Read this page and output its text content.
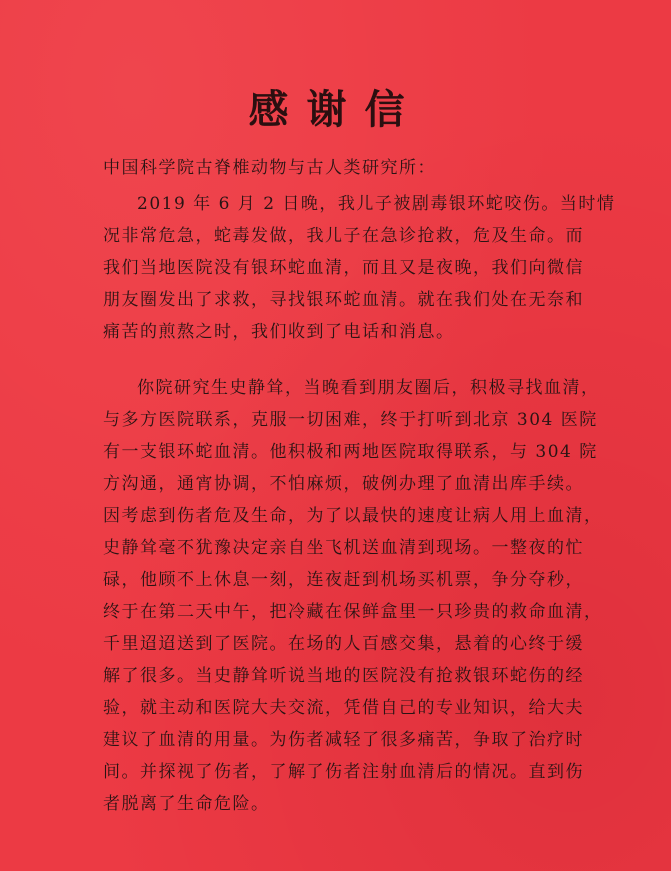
感谢信
中国科学院古脊椎动物与古人类研究所：
2019 年 6 月 2 日晚，我儿子被剧毒银环蛇咬伤。当时情
况非常危急，蛇毒发做，我儿子在急诊抢救，危及生命。而
我们当地医院没有银环蛇血清，而且又是夜晚，我们向微信
朋友圈发出了求救，寻找银环蛇血清。就在我们处在无奈和
痛苦的煎熬之时，我们收到了电话和消息。
你院研究生史静耸，当晚看到朋友圈后，积极寻找血清，
与多方医院联系，克服一切困难，终于打听到北京 304 医院
有一支银环蛇血清。他积极和两地医院取得联系，与 304 院
方沟通，通宵协调，不怕麻烦，破例办理了血清出库手续。
因考虑到伤者危及生命，为了以最快的速度让病人用上血清，
史静耸毫不犹豫决定亲自坐飞机送血清到现场。一整夜的忙
碌，他顾不上休息一刻，连夜赶到机场买机票，争分夺秒，
终于在第二天中午，把冷藏在保鲜盒里一只珍贵的救命血清，
千里迢迢送到了医院。在场的人百感交集，悬着的心终于缓
解了很多。当史静耸听说当地的医院没有抢救银环蛇伤的经
验，就主动和医院大夫交流，凭借自己的专业知识，给大夫
建议了血清的用量。为伤者减轻了很多痛苦，争取了治疗时
间。并探视了伤者，了解了伤者注射血清后的情况。直到伤
者脱离了生命危险。
